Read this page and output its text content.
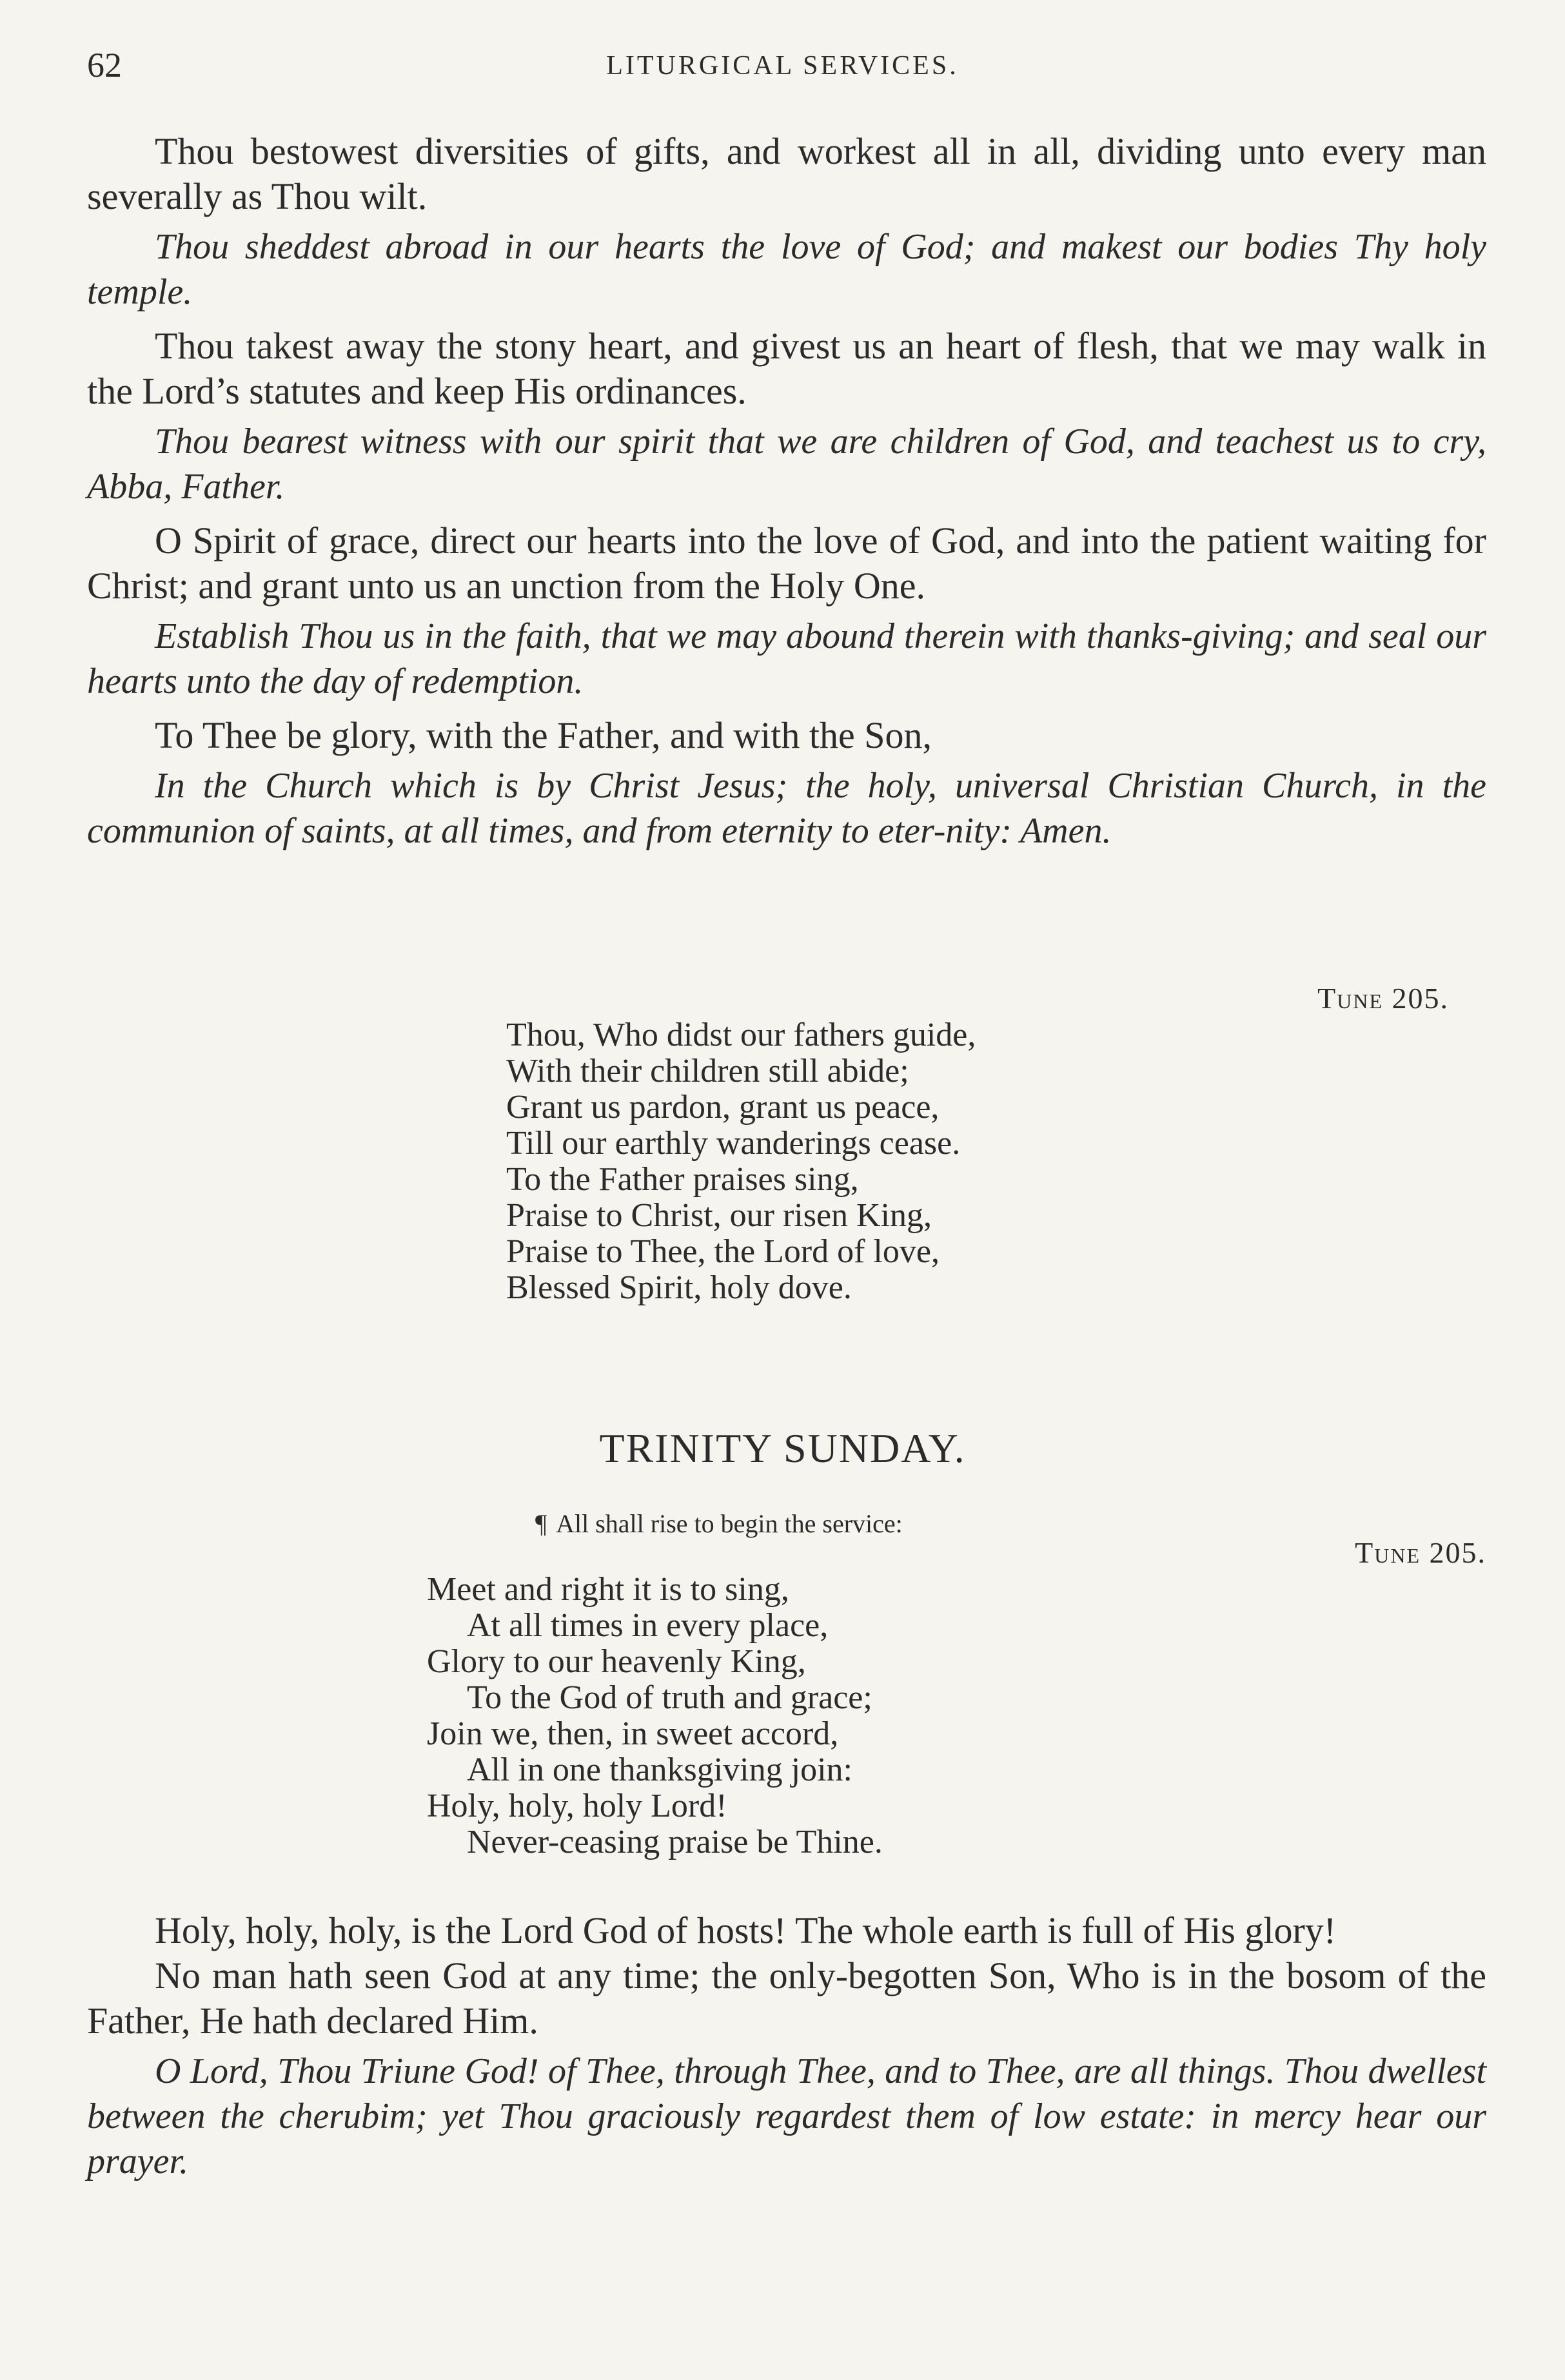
62	LITURGICAL SERVICES.

Thou bestowest diversities of gifts, and workest all in all, dividing unto every man severally as Thou wilt.

Thou sheddest abroad in our hearts the love of God; and makest our bodies Thy holy temple.

Thou takest away the stony heart, and givest us an heart of flesh, that we may walk in the Lord’s statutes and keep His ordinances.

Thou bearest witness with our spirit that we are children of God, and teachest us to cry, Abba, Father.

O Spirit of grace, direct our hearts into the love of God, and into the patient waiting for Christ; and grant unto us an unction from the Holy One.

Establish Thou us in the faith, that we may abound therein with thanks-giving; and seal our hearts unto the day of redemption.

To Thee be glory, with the Father, and with the Son,

In the Church which is by Christ Jesus; the holy, universal Christian Church, in the communion of saints, at all times, and from eternity to eter-nity: Amen.

Tune 205.
Thou, Who didst our fathers guide,
With their children still abide;
Grant us pardon, grant us peace,
Till our earthly wanderings cease.
To the Father praises sing,
Praise to Christ, our risen King,
Praise to Thee, the Lord of love,
Blessed Spirit, holy dove.
TRINITY SUNDAY.
¶ All shall rise to begin the service:
Tune 205.
Meet and right it is to sing,
At all times in every place,
Glory to our heavenly King,
To the God of truth and grace;
Join we, then, in sweet accord,
All in one thanksgiving join:
Holy, holy, holy Lord!
Never-ceasing praise be Thine.

Holy, holy, holy, is the Lord God of hosts! The whole earth is full of His glory!

No man hath seen God at any time; the only-begotten Son, Who is in the bosom of the Father, He hath declared Him.

O Lord, Thou Triune God! of Thee, through Thee, and to Thee, are all things. Thou dwellest between the cherubim; yet Thou graciously regardest them of low estate: in mercy hear our prayer.
